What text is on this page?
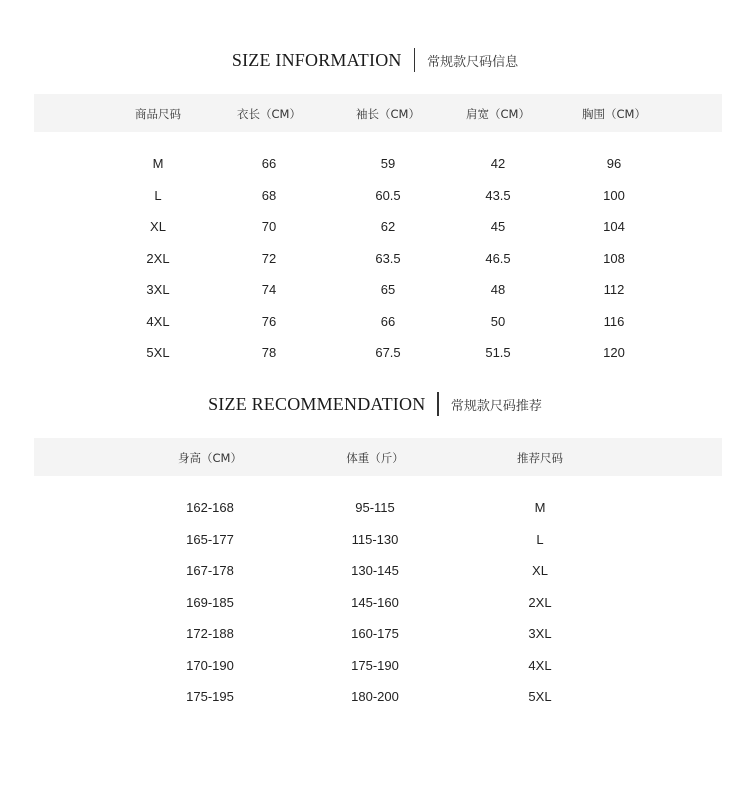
SIZE INFORMATION 常规款尺码信息
商品尺码	衣长（CM）	袖长（CM）	肩宽（CM）	胸围（CM）
M	66	59	42	96
L	68	60.5	43.5	100
XL	70	62	45	104
2XL	72	63.5	46.5	108
3XL	74	65	48	112
4XL	76	66	50	116
5XL	78	67.5	51.5	120
SIZE RECOMMENDATION 常规款尺码推荐
身高（CM）	体重（斤）	推荐尺码
162-168	95-115	M
165-177	115-130	L
167-178	130-145	XL
169-185	145-160	2XL
172-188	160-175	3XL
170-190	175-190	4XL
175-195	180-200	5XL
